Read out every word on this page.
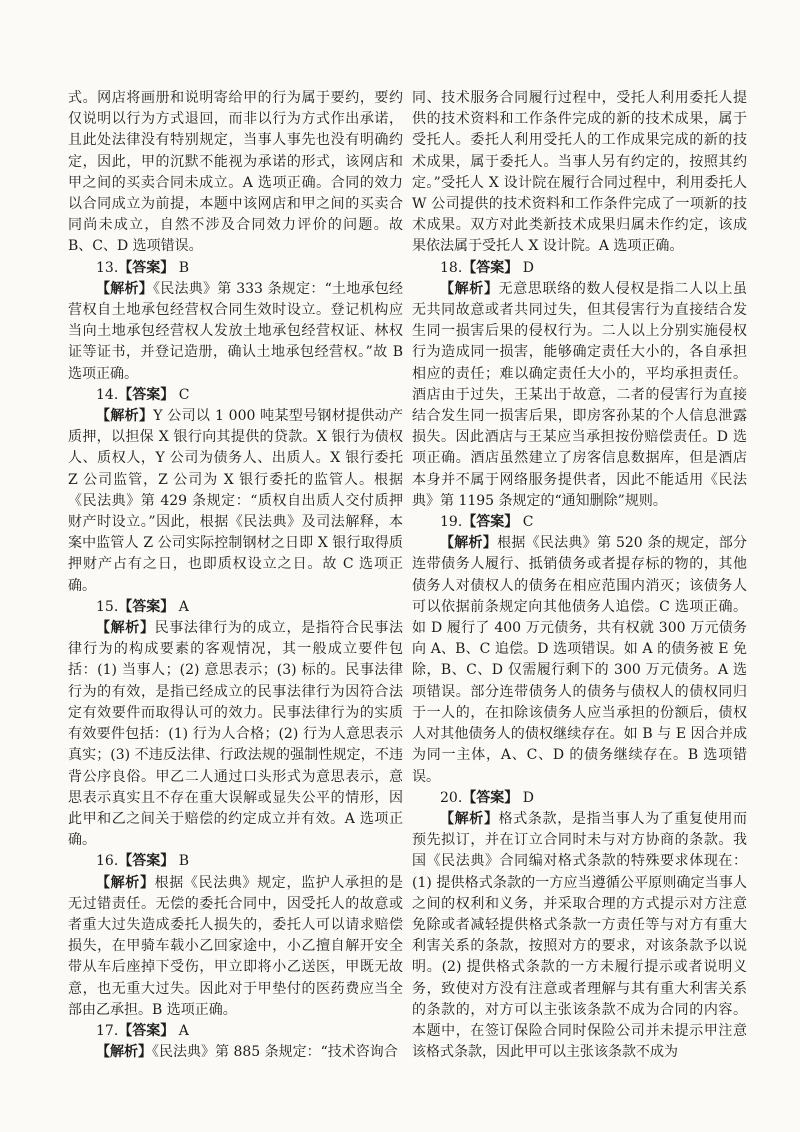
式。网店将画册和说明寄给甲的行为属于要约，要约仅说明以行为方式退回，而非以行为方式作出承诺，且此处法律没有特别规定，当事人事先也没有明确约定，因此，甲的沉默不能视为承诺的形式，该网店和甲之间的买卖合同未成立。A 选项正确。合同的效力以合同成立为前提，本题中该网店和甲之间的买卖合同尚未成立，自然不涉及合同效力评价的问题。故 B、C、D 选项错误。

13.【答案】 B

【解析】《民法典》第 333 条规定：“土地承包经营权自土地承包经营权合同生效时设立。登记机构应当向土地承包经营权人发放土地承包经营权证、林权证等证书，并登记造册，确认土地承包经营权。”故 B 选项正确。

14.【答案】 C

【解析】Y 公司以 1 000 吨某型号钢材提供动产质押，以担保 X 银行向其提供的贷款。X 银行为债权人、质权人，Y 公司为债务人、出质人。X 银行委托 Z 公司监管，Z 公司为 X 银行委托的监管人。根据《民法典》第 429 条规定：“质权自出质人交付质押财产时设立。”因此，根据《民法典》及司法解释，本案中监管人 Z 公司实际控制钢材之日即 X 银行取得质押财产占有之日，也即质权设立之日。故 C 选项正确。

15.【答案】 A

【解析】民事法律行为的成立，是指符合民事法律行为的构成要素的客观情况，其一般成立要件包括：(1) 当事人；(2) 意思表示；(3) 标的。民事法律行为的有效，是指已经成立的民事法律行为因符合法定有效要件而取得认可的效力。民事法律行为的实质有效要件包括：(1) 行为人合格；(2) 行为人意思表示真实；(3) 不违反法律、行政法规的强制性规定，不违背公序良俗。甲乙二人通过口头形式为意思表示，意思表示真实且不存在重大误解或显失公平的情形，因此甲和乙之间关于赔偿的约定成立并有效。A 选项正确。

16.【答案】 B

【解析】根据《民法典》规定，监护人承担的是无过错责任。无偿的委托合同中，因受托人的故意或者重大过失造成委托人损失的，委托人可以请求赔偿损失，在甲骑车载小乙回家途中，小乙擅自解开安全带从车后座掉下受伤，甲立即将小乙送医，甲既无故意，也无重大过失。因此对于甲垫付的医药费应当全部由乙承担。B 选项正确。

17.【答案】 A

【解析】《民法典》第 885 条规定：“技术咨询合

同、技术服务合同履行过程中，受托人利用委托人提供的技术资料和工作条件完成的新的技术成果，属于受托人。委托人利用受托人的工作成果完成的新的技术成果，属于委托人。当事人另有约定的，按照其约定。”受托人 X 设计院在履行合同过程中，利用委托人 W 公司提供的技术资料和工作条件完成了一项新的技术成果。双方对此类新技术成果归属未作约定，该成果依法属于受托人 X 设计院。A 选项正确。

18.【答案】 D

【解析】无意思联络的数人侵权是指二人以上虽无共同故意或者共同过失，但其侵害行为直接结合发生同一损害后果的侵权行为。二人以上分别实施侵权行为造成同一损害，能够确定责任大小的，各自承担相应的责任；难以确定责任大小的，平均承担责任。酒店由于过失，王某出于故意，二者的侵害行为直接结合发生同一损害后果，即房客孙某的个人信息泄露损失。因此酒店与王某应当承担按份赔偿责任。D 选项正确。酒店虽然建立了房客信息数据库，但是酒店本身并不属于网络服务提供者，因此不能适用《民法典》第 1195 条规定的“通知删除”规则。

19.【答案】 C

【解析】根据《民法典》第 520 条的规定，部分连带债务人履行、抵销债务或者提存标的物的，其他债务人对债权人的债务在相应范围内消灭；该债务人可以依据前条规定向其他债务人追偿。C 选项正确。如 D 履行了 400 万元债务，共有权就 300 万元债务向 A、B、C 追偿。D 选项错误。如 A 的债务被 E 免除，B、C、D 仅需履行剩下的 300 万元债务。A 选项错误。部分连带债务人的债务与债权人的债权同归于一人的，在扣除该债务人应当承担的份额后，债权人对其他债务人的债权继续存在。如 B 与 E 因合并成为同一主体，A、C、D 的债务继续存在。B 选项错误。

20.【答案】 D

【解析】格式条款，是指当事人为了重复使用而预先拟订，并在订立合同时未与对方协商的条款。我国《民法典》合同编对格式条款的特殊要求体现在：(1) 提供格式条款的一方应当遵循公平原则确定当事人之间的权利和义务，并采取合理的方式提示对方注意免除或者减轻提供格式条款一方责任等与对方有重大利害关系的条款，按照对方的要求，对该条款予以说明。(2) 提供格式条款的一方未履行提示或者说明义务，致使对方没有注意或者理解与其有重大利害关系的条款的，对方可以主张该条款不成为合同的内容。本题中，在签订保险合同时保险公司并未提示甲注意该格式条款，因此甲可以主张该条款不成为
